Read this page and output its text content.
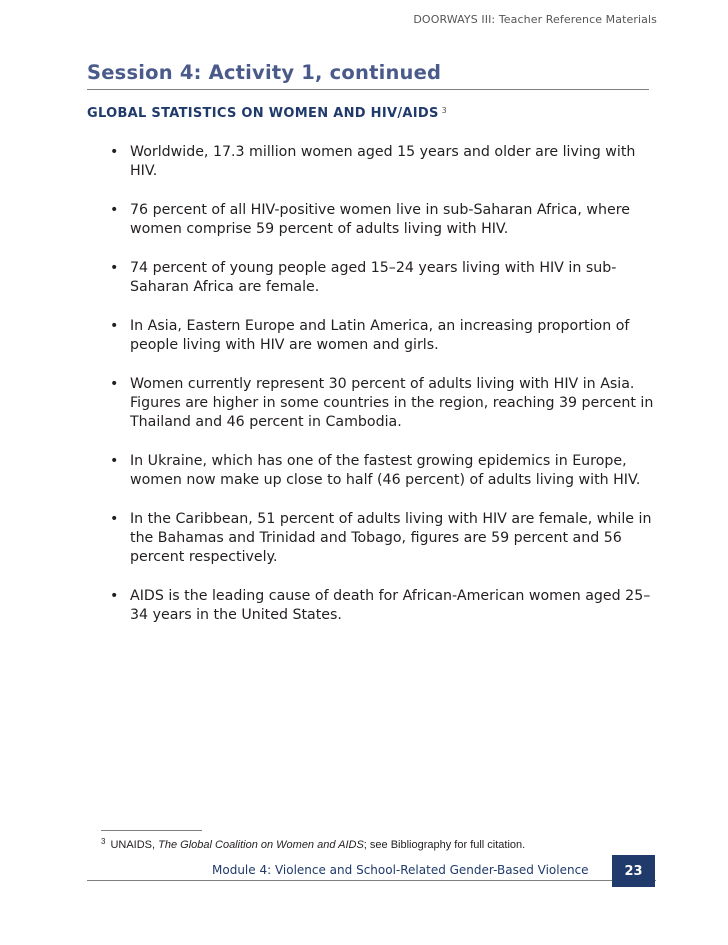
DOORWAYS III: Teacher Reference Materials
Session 4: Activity 1, continued
GLOBAL STATISTICS ON WOMEN AND HIV/AIDS $^3$
• Worldwide, 17.3 million women aged 15 years and older are living with HIV.
• 76 percent of all HIV-positive women live in sub-Saharan Africa, where women comprise 59 percent of adults living with HIV.
• 74 percent of young people aged 15–24 years living with HIV in sub-Saharan Africa are female.
• In Asia, Eastern Europe and Latin America, an increasing proportion of people living with HIV are women and girls.
• Women currently represent 30 percent of adults living with HIV in Asia. Figures are higher in some countries in the region, reaching 39 percent in Thailand and 46 percent in Cambodia.
• In Ukraine, which has one of the fastest growing epidemics in Europe, women now make up close to half (46 percent) of adults living with HIV.
• In the Caribbean, 51 percent of adults living with HIV are female, while in the Bahamas and Trinidad and Tobago, figures are 59 percent and 56 percent respectively.
• AIDS is the leading cause of death for African-American women aged 25–34 years in the United States.
$^3$ UNAIDS, The Global Coalition on Women and AIDS; see Bibliography for full citation.
Module 4: Violence and School-Related Gender-Based Violence	23
